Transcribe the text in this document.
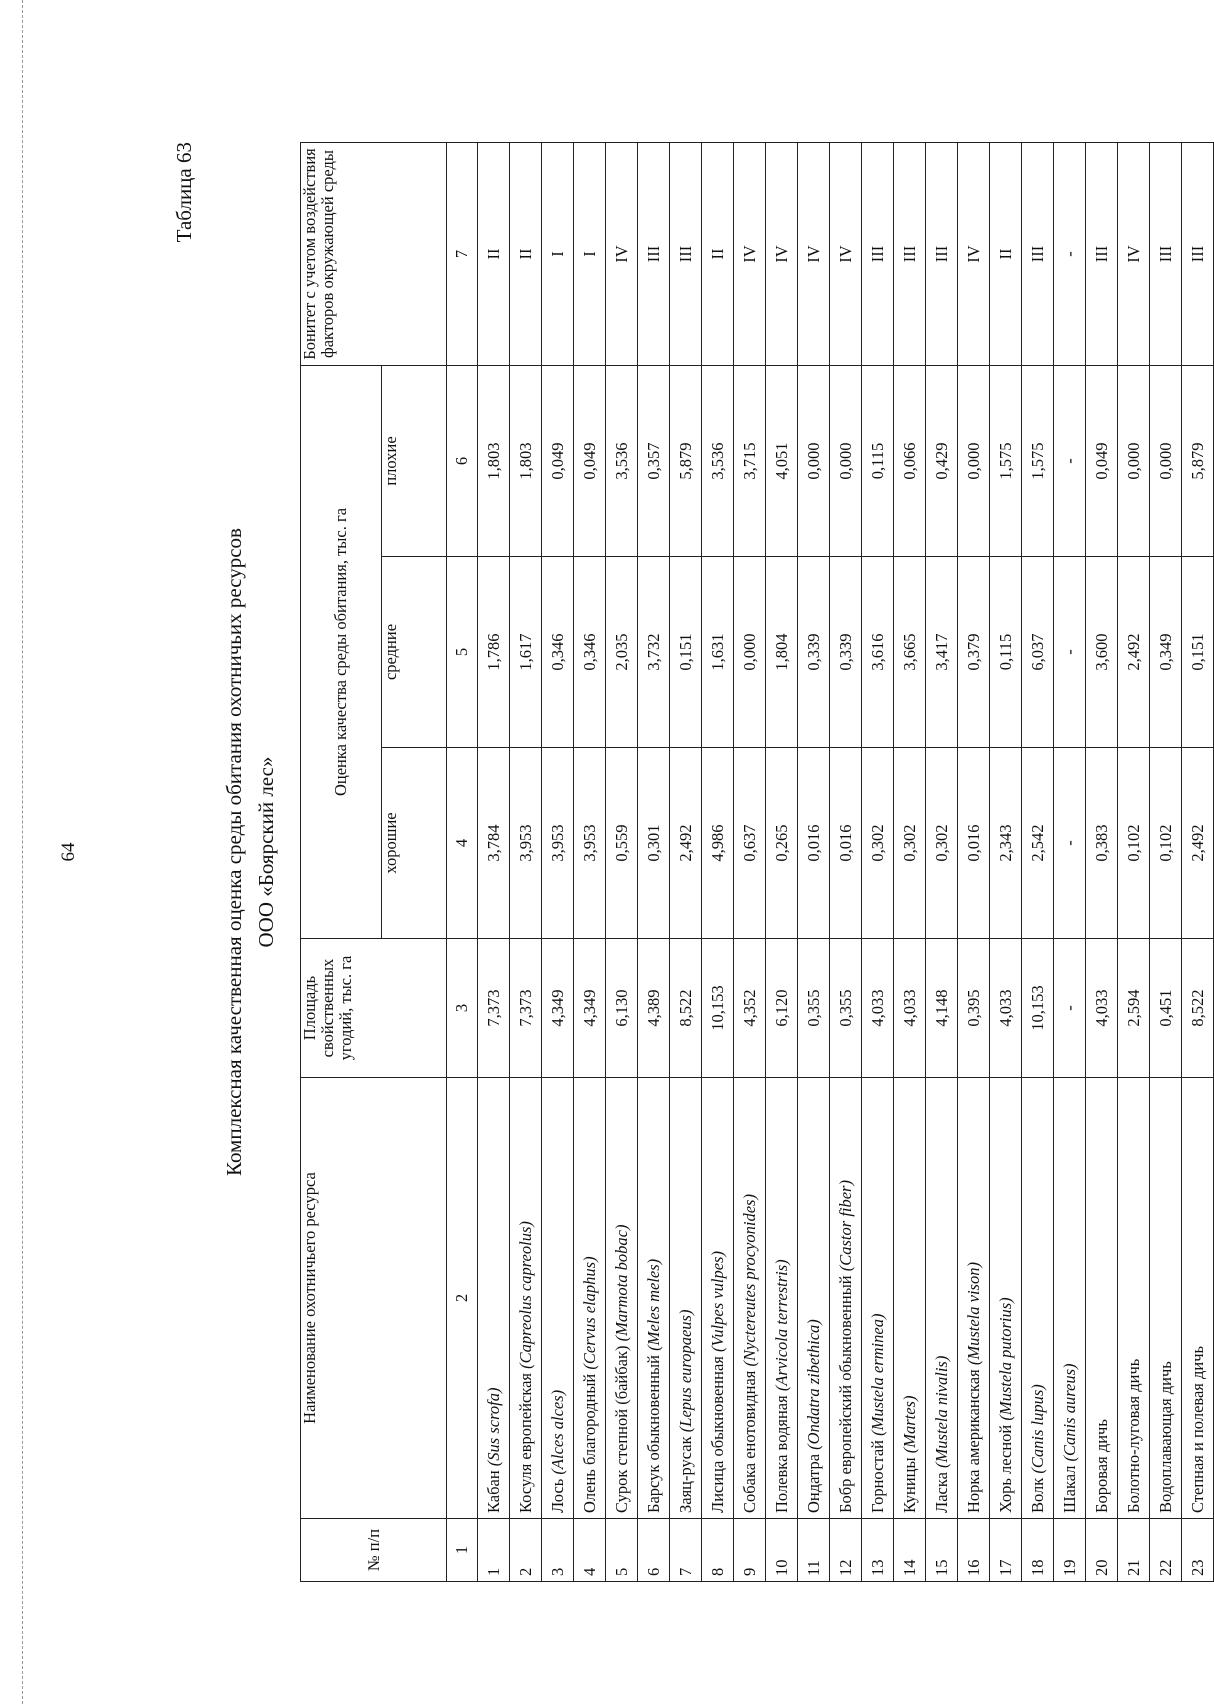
64
Таблица 63
Комплексная качественная оценка среды обитания охотничьих ресурсов ООО «Боярский лес»
№ п/п	Наименование охотничьего ресурса	Площадь свойственных угодий, тыс. га	Оценка качества среды обитания, тыс. га			Бонитет с учетом воздействия факторов окружающей среды
			хорошие	средние	плохие	
1	2	3	4	5	6	7
1	Кабан (Sus scrofa)	7,373	3,784	1,786	1,803	II
2	Косуля европейская (Capreolus capreolus)	7,373	3,953	1,617	1,803	II
3	Лось (Alces alces)	4,349	3,953	0,346	0,049	I
4	Олень благородный (Cervus elaphus)	4,349	3,953	0,346	0,049	I
5	Сурок степной (байбак) (Marmota bobac)	6,130	0,559	2,035	3,536	IV
6	Барсук обыкновенный (Meles meles)	4,389	0,301	3,732	0,357	III
7	Заяц-русак (Lepus europaeus)	8,522	2,492	0,151	5,879	III
8	Лисица обыкновенная (Vulpes vulpes)	10,153	4,986	1,631	3,536	II
9	Собака енотовидная (Nyctereutes procyonides)	4,352	0,637	0,000	3,715	IV
10	Полевка водяная (Arvicola terrestris)	6,120	0,265	1,804	4,051	IV
11	Ондатра (Ondatra zibethica)	0,355	0,016	0,339	0,000	IV
12	Бобр европейский обыкновенный (Castor fiber)	0,355	0,016	0,339	0,000	IV
13	Горностай (Mustela erminea)	4,033	0,302	3,616	0,115	III
14	Куницы (Martes)	4,033	0,302	3,665	0,066	III
15	Ласка (Mustela nivalis)	4,148	0,302	3,417	0,429	III
16	Норка американская (Mustela vison)	0,395	0,016	0,379	0,000	IV
17	Хорь лесной (Mustela putorius)	4,033	2,343	0,115	1,575	II
18	Волк (Canis lupus)	10,153	2,542	6,037	1,575	III
19	Шакал (Canis aureus)	-	-	-	-	-
20	Боровая дичь	4,033	0,383	3,600	0,049	III
21	Болотно-луговая дичь	2,594	0,102	2,492	0,000	IV
22	Водоплавающая дичь	0,451	0,102	0,349	0,000	III
23	Степная и полевая дичь	8,522	2,492	0,151	5,879	III
